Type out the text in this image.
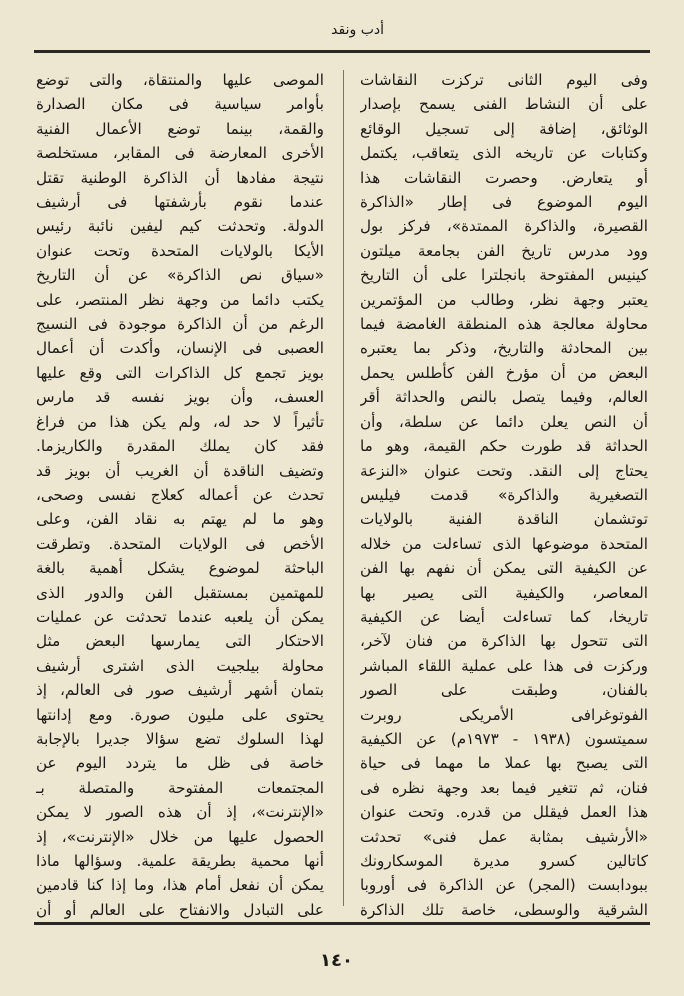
أدب ونقد

وفى اليوم الثانى تركزت النقاشات

على أن النشاط الفنى يسمح بإصدار

الوثائق، إضافة إلى تسجيل الوقائع

وكتابات عن تاريخه الذى يتعاقب، يكتمل

أو يتعارض. وحصرت النقاشات هذا

اليوم الموضوع فى إطار «الذاكرة

القصيرة، والذاكرة الممتدة»، فركز بول

وود مدرس تاريخ الفن بجامعة ميلتون

كينيس المفتوحة بانجلترا على أن التاريخ

يعتبر وجهة نظر، وطالب من المؤتمرين

محاولة معالجة هذه المنطقة الغامضة فيما

بين المحادثة والتاريخ، وذكر بما يعتبره

البعض من أن مؤرخ الفن كأطلس يحمل

العالم، وفيما يتصل بالنص والحداثة أقر

أن النص يعلن دائما عن سلطة، وأن

الحداثة قد طورت حكم القيمة، وهو ما

يحتاج إلى النقد. وتحت عنوان «النزعة

التصغيرية والذاكرة» قدمت فيليس

توتشمان الناقدة الفنية بالولايات

المتحدة موضوعها الذى تساءلت من خلاله

عن الكيفية التى يمكن أن نفهم بها الفن

المعاصر، والكيفية التى يصير بها

تاريخا، كما تساءلت أيضا عن الكيفية

التى تتحول بها الذاكرة من فنان لآخر،

وركزت فى هذا على عملية اللقاء المباشر

بالفنان، وطبقت على الصور

الفوتوغرافى الأمريكى روبرت

سميتسون (١٩٣٨ - ١٩٧٣م) عن الكيفية

التى يصبح بها عملا ما مهما فى حياة

فنان، ثم تتغير فيما بعد وجهة نظره فى

هذا العمل فيقلل من قدره. وتحت عنوان

«الأرشيف بمثابة عمل فنى» تحدثت

كاتالين كسرو مديرة الموسكارونك

ببودابست (المجر) عن الذاكرة فى أوروبا

الشرقية والوسطى، خاصة تلك الذاكرة

الموصى عليها والمنتقاة، والتى توضع

بأوامر سياسية فى مكان الصدارة

والقمة، بينما توضع الأعمال الفنية

الأخرى المعارضة فى المقابر، مستخلصة

نتيجة مفادها أن الذاكرة الوطنية تقتل

عندما نقوم بأرشفتها فى أرشيف

الدولة. وتحدثت كيم ليفين نائبة رئيس

الأيكا بالولايات المتحدة وتحت عنوان

«سياق نص الذاكرة» عن أن التاريخ

يكتب دائما من وجهة نظر المنتصر، على

الرغم من أن الذاكرة موجودة فى النسيج

العصبى فى الإنسان، وأكدت أن أعمال

بويز تجمع كل الذاكرات التى وقع عليها

العسف، وأن بويز نفسه قد مارس

تأثيراً لا حد له، ولم يكن هذا من فراغ

فقد كان يملك المقدرة والكاريزما.

وتضيف الناقدة أن الغريب أن بويز قد

تحدث عن أعماله كعلاج نفسى وصحى،

وهو ما لم يهتم به نقاد الفن، وعلى

الأخص فى الولايات المتحدة. وتطرقت

الباحثة لموضوع يشكل أهمية بالغة

للمهتمين بمستقبل الفن والدور الذى

يمكن أن يلعبه عندما تحدثت عن عمليات

الاحتكار التى يمارسها البعض مثل

محاولة بيلجيت الذى اشترى أرشيف

بتمان أشهر أرشيف صور فى العالم، إذ

يحتوى على مليون صورة. ومع إدانتها

لهذا السلوك تضع سؤالا جديرا بالإجابة

خاصة فى ظل ما يتردد اليوم عن

المجتمعات المفتوحة والمتصلة بـ

«الإنترنت»، إذ أن هذه الصور لا يمكن

الحصول عليها من خلال «الإنترنت»، إذ

أنها محمية بطريقة علمية. وسؤالها ماذا

يمكن أن نفعل أمام هذا، وما إذا كنا قادمين

على التبادل والانفتاح على العالم أو أن

١٤٠
